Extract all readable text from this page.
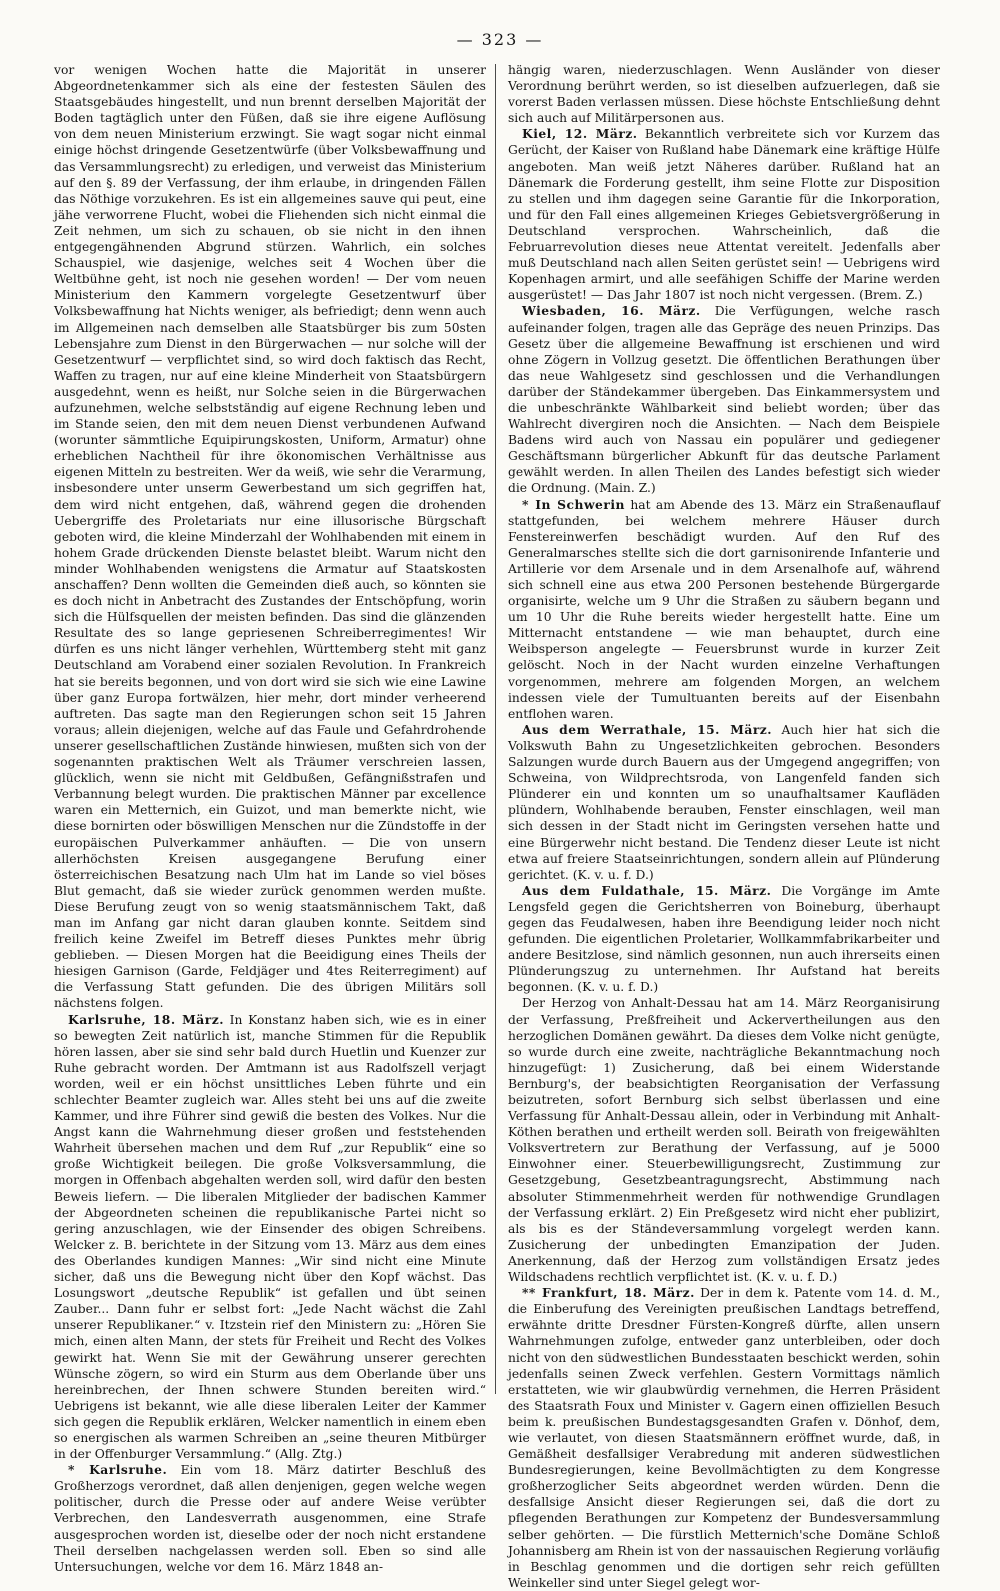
— 323 —

vor wenigen Wochen hatte die Majorität in unserer Abgeordnetenkammer sich als eine der festesten Säulen des Staatsgebäudes hingestellt, und nun brennt derselben Majorität der Boden tagtäglich unter den Füßen, daß sie ihre eigene Auflösung von dem neuen Ministerium erzwingt. Sie wagt sogar nicht einmal einige höchst dringende Gesetzentwürfe (über Volksbewaffnung und das Versammlungsrecht) zu erledigen, und verweist das Ministerium auf den §. 89 der Verfassung, der ihm erlaube, in dringenden Fällen das Nöthige vorzukehren. Es ist ein allgemeines sauve qui peut, eine jähe verworrene Flucht, wobei die Fliehenden sich nicht einmal die Zeit nehmen, um sich zu schauen, ob sie nicht in den ihnen entgegengähnenden Abgrund stürzen. Wahrlich, ein solches Schauspiel, wie dasjenige, welches seit 4 Wochen über die Weltbühne geht, ist noch nie gesehen worden! — Der vom neuen Ministerium den Kammern vorgelegte Gesetzentwurf über Volksbewaffnung hat Nichts weniger, als befriedigt; denn wenn auch im Allgemeinen nach demselben alle Staatsbürger bis zum 50sten Lebensjahre zum Dienst in den Bürgerwachen — nur solche will der Gesetzentwurf — verpflichtet sind, so wird doch faktisch das Recht, Waffen zu tragen, nur auf eine kleine Minderheit von Staatsbürgern ausgedehnt, wenn es heißt, nur Solche seien in die Bürgerwachen aufzunehmen, welche selbstständig auf eigene Rechnung leben und im Stande seien, den mit dem neuen Dienst verbundenen Aufwand (worunter sämmtliche Equipirungskosten, Uniform, Armatur) ohne erheblichen Nachtheil für ihre ökonomischen Verhältnisse aus eigenen Mitteln zu bestreiten. Wer da weiß, wie sehr die Verarmung, insbesondere unter unserm Gewerbestand um sich gegriffen hat, dem wird nicht entgehen, daß, während gegen die drohenden Uebergriffe des Proletariats nur eine illusorische Bürgschaft geboten wird, die kleine Minderzahl der Wohlhabenden mit einem in hohem Grade drückenden Dienste belastet bleibt. Warum nicht den minder Wohlhabenden wenigstens die Armatur auf Staatskosten anschaffen? Denn wollten die Gemeinden dieß auch, so könnten sie es doch nicht in Anbetracht des Zustandes der Entschöpfung, worin sich die Hülfsquellen der meisten befinden. Das sind die glänzenden Resultate des so lange gepriesenen Schreiberregimentes! Wir dürfen es uns nicht länger verhehlen, Württemberg steht mit ganz Deutschland am Vorabend einer sozialen Revolution. In Frankreich hat sie bereits begonnen, und von dort wird sie sich wie eine Lawine über ganz Europa fortwälzen, hier mehr, dort minder verheerend auftreten. Das sagte man den Regierungen schon seit 15 Jahren voraus; allein diejenigen, welche auf das Faule und Gefahrdrohende unserer gesellschaftlichen Zustände hinwiesen, mußten sich von der sogenannten praktischen Welt als Träumer verschreien lassen, glücklich, wenn sie nicht mit Geldbußen, Gefängnißstrafen und Verbannung belegt wurden. Die praktischen Männer par excellence waren ein Metternich, ein Guizot, und man bemerkte nicht, wie diese bornirten oder böswilligen Menschen nur die Zündstoffe in der europäischen Pulverkammer anhäuften. — Die von unsern allerhöchsten Kreisen ausgegangene Berufung einer österreichischen Besatzung nach Ulm hat im Lande so viel böses Blut gemacht, daß sie wieder zurück genommen werden mußte. Diese Berufung zeugt von so wenig staatsmännischem Takt, daß man im Anfang gar nicht daran glauben konnte. Seitdem sind freilich keine Zweifel im Betreff dieses Punktes mehr übrig geblieben. — Diesen Morgen hat die Beeidigung eines Theils der hiesigen Garnison (Garde, Feldjäger und 4tes Reiterregiment) auf die Verfassung Statt gefunden. Die des übrigen Militärs soll nächstens folgen.

Karlsruhe, 18. März. In Konstanz haben sich, wie es in einer so bewegten Zeit natürlich ist, manche Stimmen für die Republik hören lassen, aber sie sind sehr bald durch Huetlin und Kuenzer zur Ruhe gebracht worden. Der Amtmann ist aus Radolfszell verjagt worden, weil er ein höchst unsittliches Leben führte und ein schlechter Beamter zugleich war. Alles steht bei uns auf die zweite Kammer, und ihre Führer sind gewiß die besten des Volkes. Nur die Angst kann die Wahrnehmung dieser großen und feststehenden Wahrheit übersehen machen und dem Ruf „zur Republik“ eine so große Wichtigkeit beilegen. Die große Volksversammlung, die morgen in Offenbach abgehalten werden soll, wird dafür den besten Beweis liefern. — Die liberalen Mitglieder der badischen Kammer der Abgeordneten scheinen die republikanische Partei nicht so gering anzuschlagen, wie der Einsender des obigen Schreibens. Welcker z. B. berichtete in der Sitzung vom 13. März aus dem eines des Oberlandes kundigen Mannes: „Wir sind nicht eine Minute sicher, daß uns die Bewegung nicht über den Kopf wächst. Das Losungswort „deutsche Republik“ ist gefallen und übt seinen Zauber... Dann fuhr er selbst fort: „Jede Nacht wächst die Zahl unserer Republikaner.“ v. Itzstein rief den Ministern zu: „Hören Sie mich, einen alten Mann, der stets für Freiheit und Recht des Volkes gewirkt hat. Wenn Sie mit der Gewährung unserer gerechten Wünsche zögern, so wird ein Sturm aus dem Oberlande über uns hereinbrechen, der Ihnen schwere Stunden bereiten wird.“ Uebrigens ist bekannt, wie alle diese liberalen Leiter der Kammer sich gegen die Republik erklären, Welcker namentlich in einem eben so energischen als warmen Schreiben an „seine theuren Mitbürger in der Offenburger Versammlung.“ (Allg. Ztg.)

* Karlsruhe. Ein vom 18. März datirter Beschluß des Großherzogs verordnet, daß allen denjenigen, gegen welche wegen politischer, durch die Presse oder auf andere Weise verübter Verbrechen, den Landesverrath ausgenommen, eine Strafe ausgesprochen worden ist, dieselbe oder der noch nicht erstandene Theil derselben nachgelassen werden soll. Eben so sind alle Untersuchungen, welche vor dem 16. März 1848 an-

hängig waren, niederzuschlagen. Wenn Ausländer von dieser Verordnung berührt werden, so ist dieselben aufzuerlegen, daß sie vorerst Baden verlassen müssen. Diese höchste Entschließung dehnt sich auch auf Militärpersonen aus.

Kiel, 12. März. Bekanntlich verbreitete sich vor Kurzem das Gerücht, der Kaiser von Rußland habe Dänemark eine kräftige Hülfe angeboten. Man weiß jetzt Näheres darüber. Rußland hat an Dänemark die Forderung gestellt, ihm seine Flotte zur Disposition zu stellen und ihm dagegen seine Garantie für die Inkorporation, und für den Fall eines allgemeinen Krieges Gebietsvergrößerung in Deutschland versprochen. Wahrscheinlich, daß die Februarrevolution dieses neue Attentat vereitelt. Jedenfalls aber muß Deutschland nach allen Seiten gerüstet sein! — Uebrigens wird Kopenhagen armirt, und alle seefähigen Schiffe der Marine werden ausgerüstet! — Das Jahr 1807 ist noch nicht vergessen. (Brem. Z.)

Wiesbaden, 16. März. Die Verfügungen, welche rasch aufeinander folgen, tragen alle das Gepräge des neuen Prinzips. Das Gesetz über die allgemeine Bewaffnung ist erschienen und wird ohne Zögern in Vollzug gesetzt. Die öffentlichen Berathungen über das neue Wahlgesetz sind geschlossen und die Verhandlungen darüber der Ständekammer übergeben. Das Einkammersystem und die unbeschränkte Wählbarkeit sind beliebt worden; über das Wahlrecht divergiren noch die Ansichten. — Nach dem Beispiele Badens wird auch von Nassau ein populärer und gediegener Geschäftsmann bürgerlicher Abkunft für das deutsche Parlament gewählt werden. In allen Theilen des Landes befestigt sich wieder die Ordnung. (Main. Z.)

* In Schwerin hat am Abende des 13. März ein Straßenauflauf stattgefunden, bei welchem mehrere Häuser durch Fenstereinwerfen beschädigt wurden. Auf den Ruf des Generalmarsches stellte sich die dort garnisonirende Infanterie und Artillerie vor dem Arsenale und in dem Arsenalhofe auf, während sich schnell eine aus etwa 200 Personen bestehende Bürgergarde organisirte, welche um 9 Uhr die Straßen zu säubern begann und um 10 Uhr die Ruhe bereits wieder hergestellt hatte. Eine um Mitternacht entstandene — wie man behauptet, durch eine Weibsperson angelegte — Feuersbrunst wurde in kurzer Zeit gelöscht. Noch in der Nacht wurden einzelne Verhaftungen vorgenommen, mehrere am folgenden Morgen, an welchem indessen viele der Tumultuanten bereits auf der Eisenbahn entflohen waren.

Aus dem Werrathale, 15. März. Auch hier hat sich die Volkswuth Bahn zu Ungesetzlichkeiten gebrochen. Besonders Salzungen wurde durch Bauern aus der Umgegend angegriffen; von Schweina, von Wildprechtsroda, von Langenfeld fanden sich Plünderer ein und konnten um so unaufhaltsamer Kaufläden plündern, Wohlhabende berauben, Fenster einschlagen, weil man sich dessen in der Stadt nicht im Geringsten versehen hatte und eine Bürgerwehr nicht bestand. Die Tendenz dieser Leute ist nicht etwa auf freiere Staatseinrichtungen, sondern allein auf Plünderung gerichtet. (K. v. u. f. D.)

Aus dem Fuldathale, 15. März. Die Vorgänge im Amte Lengsfeld gegen die Gerichtsherren von Boineburg, überhaupt gegen das Feudalwesen, haben ihre Beendigung leider noch nicht gefunden. Die eigentlichen Proletarier, Wollkammfabrikarbeiter und andere Besitzlose, sind nämlich gesonnen, nun auch ihrerseits einen Plünderungszug zu unternehmen. Ihr Aufstand hat bereits begonnen. (K. v. u. f. D.)

Der Herzog von Anhalt-Dessau hat am 14. März Reorganisirung der Verfassung, Preßfreiheit und Ackervertheilungen aus den herzoglichen Domänen gewährt. Da dieses dem Volke nicht genügte, so wurde durch eine zweite, nachträgliche Bekanntmachung noch hinzugefügt: 1) Zusicherung, daß bei einem Widerstande Bernburg's, der beabsichtigten Reorganisation der Verfassung beizutreten, sofort Bernburg sich selbst überlassen und eine Verfassung für Anhalt-Dessau allein, oder in Verbindung mit Anhalt-Köthen berathen und ertheilt werden soll. Beirath von freigewählten Volksvertretern zur Berathung der Verfassung, auf je 5000 Einwohner einer. Steuerbewilligungsrecht, Zustimmung zur Gesetzgebung, Gesetzbeantragungsrecht, Abstimmung nach absoluter Stimmenmehrheit werden für nothwendige Grundlagen der Verfassung erklärt. 2) Ein Preßgesetz wird nicht eher publizirt, als bis es der Ständeversammlung vorgelegt werden kann. Zusicherung der unbedingten Emanzipation der Juden. Anerkennung, daß der Herzog zum vollständigen Ersatz jedes Wildschadens rechtlich verpflichtet ist. (K. v. u. f. D.)

** Frankfurt, 18. März. Der in dem k. Patente vom 14. d. M., die Einberufung des Vereinigten preußischen Landtags betreffend, erwähnte dritte Dresdner Fürsten-Kongreß dürfte, allen unsern Wahrnehmungen zufolge, entweder ganz unterbleiben, oder doch nicht von den südwestlichen Bundesstaaten beschickt werden, sohin jedenfalls seinen Zweck verfehlen. Gestern Vormittags nämlich erstatteten, wie wir glaubwürdig vernehmen, die Herren Präsident des Staatsrath Foux und Minister v. Gagern einen offiziellen Besuch beim k. preußischen Bundestagsgesandten Grafen v. Dönhof, dem, wie verlautet, von diesen Staatsmännern eröffnet wurde, daß, in Gemäßheit desfallsiger Verabredung mit anderen südwestlichen Bundesregierungen, keine Bevollmächtigten zu dem Kongresse großherzoglicher Seits abgeordnet werden würden. Denn die desfallsige Ansicht dieser Regierungen sei, daß die dort zu pflegenden Berathungen zur Kompetenz der Bundesversammlung selber gehörten. — Die fürstlich Metternich'sche Domäne Schloß Johannisberg am Rhein ist von der nassauischen Regierung vorläufig in Beschlag genommen und die dortigen sehr reich gefüllten Weinkeller sind unter Siegel gelegt wor-
